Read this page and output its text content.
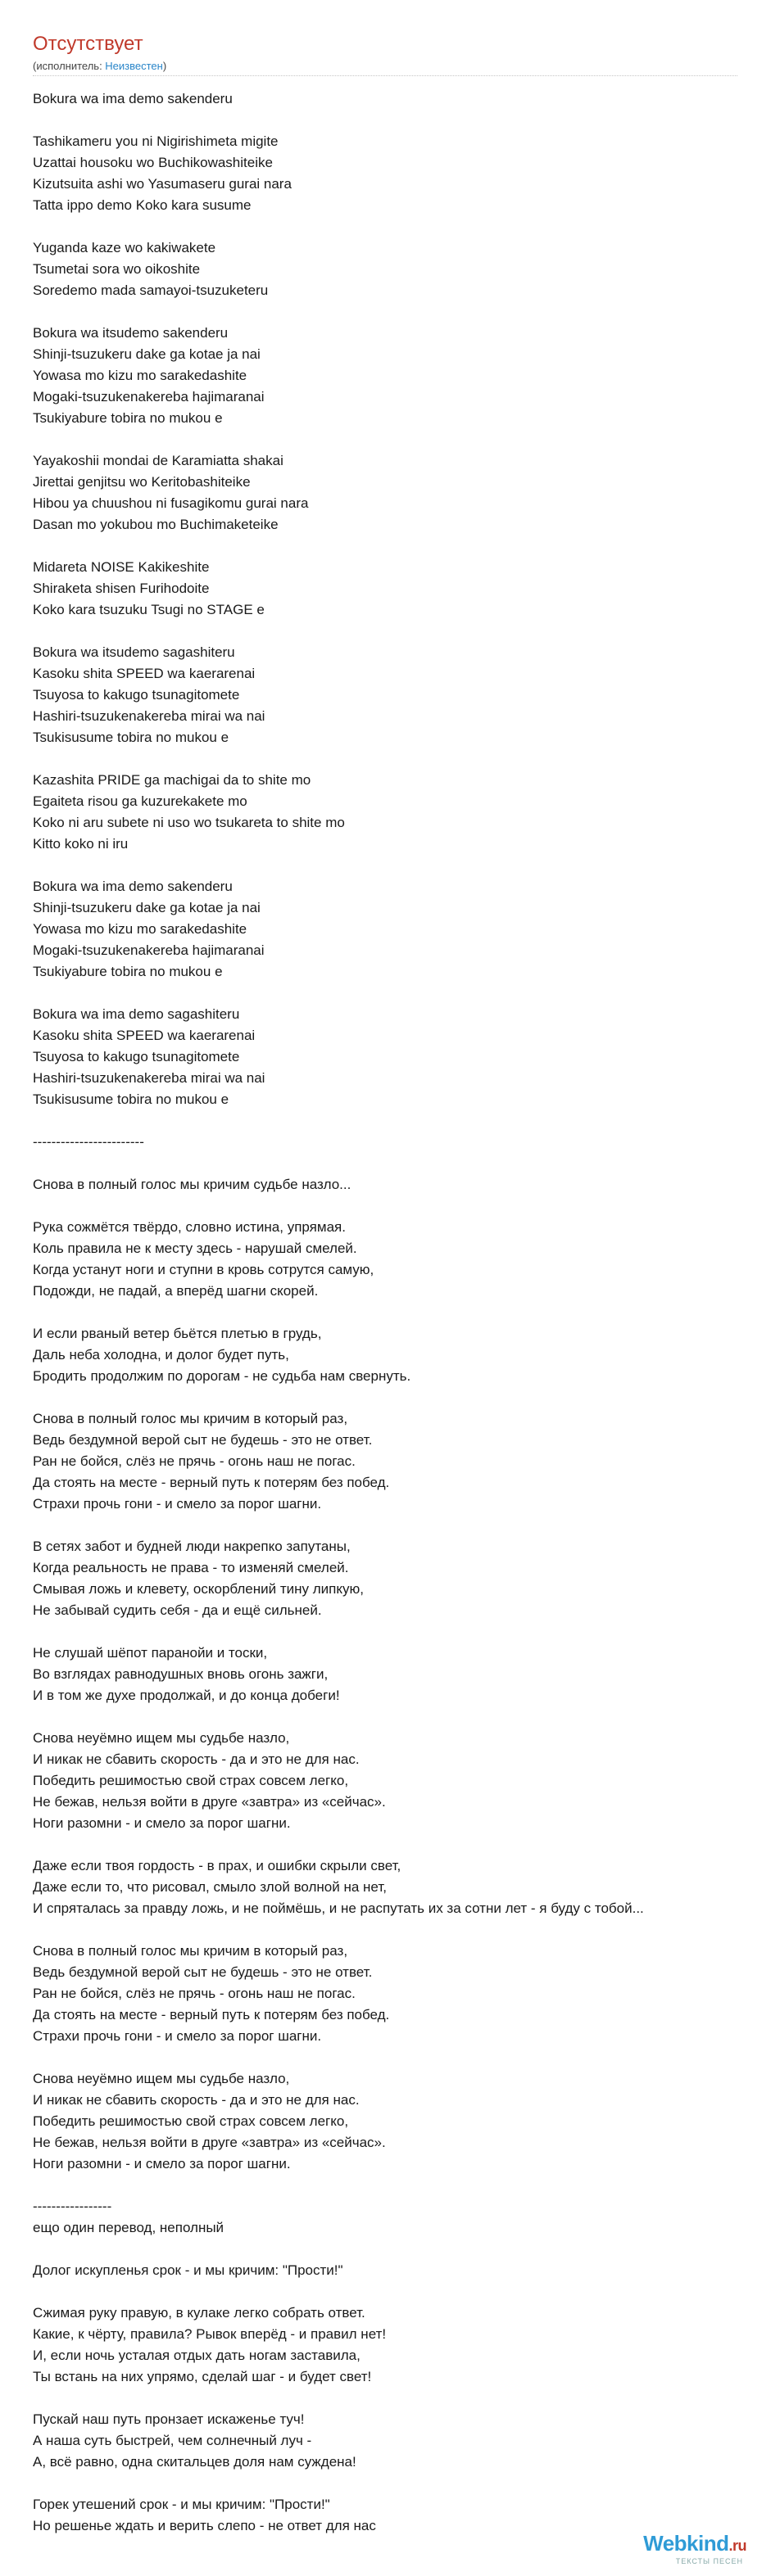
Отсутствует
(исполнитель: Неизвестен)
Bokura wa ima demo sakenderu
Tashikameru you ni Nigirishimeta migite
Uzattai housoku wo Buchikowashiteike
Kizutsuita ashi wo Yasumaseru gurai nara
Tatta ippo demo Koko kara susume
Yuganda kaze wo kakiwakete
Tsumetai sora wo oikoshite
Soredemo mada samayoi-tsuzuketeru
Bokura wa itsudemo sakenderu
Shinji-tsuzukeru dake ga kotae ja nai
Yowasa mo kizu mo sarakedashite
Mogaki-tsuzukenakereba hajimaranai
Tsukiyabure tobira no mukou e
Yayakoshii mondai de Karamiatta shakai
Jirettai genjitsu wo Keritobashiteike
Hibou ya chuushou ni fusagikomu gurai nara
Dasan mo yokubou mo Buchimaketeike
Midareta NOISE Kakikeshite
Shiraketa shisen Furihodoite
Koko kara tsuzuku Tsugi no STAGE e
Bokura wa itsudemo sagashiteru
Kasoku shita SPEED wa kaerarenai
Tsuyosa to kakugo tsunagitomete
Hashiri-tsuzukenakereba mirai wa nai
Tsukisusume tobira no mukou e
Kazashita PRIDE ga machigai da to shite mo
Egaiteta risou ga kuzurekakete mo
Koko ni aru subete ni uso wo tsukareta to shite mo
Kitto koko ni iru
Bokura wa ima demo sakenderu
Shinji-tsuzukeru dake ga kotae ja nai
Yowasa mo kizu mo sarakedashite
Mogaki-tsuzukenakereba hajimaranai
Tsukiyabure tobira no mukou e
Bokura wa ima demo sagashiteru
Kasoku shita SPEED wa kaerarenai
Tsuyosa to kakugo tsunagitomete
Hashiri-tsuzukenakereba mirai wa nai
Tsukisusume tobira no mukou e
------------------------
Снова в полный голос мы кричим судьбе назло...
Рука сожмётся твёрдо, словно истина, упрямая.
Коль правила не к месту здесь - нарушай смелей.
Когда устанут ноги и ступни в кровь сотрутся самую,
Подожди, не падай, а вперёд шагни скорей.
И если рваный ветер бьётся плетью в грудь,
Даль неба холодна, и долог будет путь,
Бродить продолжим по дорогам - не судьба нам свернуть.
Снова в полный голос мы кричим в который раз,
Ведь бездумной верой сыт не будешь - это не ответ.
Ран не бойся, слёз не прячь - огонь наш не погас.
Да стоять на месте - верный путь к потерям без побед.
Страхи прочь гони - и смело за порог шагни.
В сетях забот и будней люди накрепко запутаны,
Когда реальность не права - то изменяй смелей.
Смывая ложь и клевету, оскорблений тину липкую,
Не забывай судить себя - да и ещё сильней.
Не слушай шёпот паранойи и тоски,
Во взглядах равнодушных вновь огонь зажги,
И в том же духе продолжай, и до конца добеги!
Снова неуёмно ищем мы судьбе назло,
И никак не сбавить скорость - да и это не для нас.
Победить решимостью свой страх совсем легко,
Не бежав, нельзя войти в друге «завтра» из «сейчас».
Ноги разомни - и смело за порог шагни.
Даже если твоя гордость - в прах, и ошибки скрыли свет,
Даже если то, что рисовал, смыло злой волной на нет,
И спряталась за правду ложь, и не поймёшь, и не распутать их за сотни лет - я буду с тобой...
Снова в полный голос мы кричим в который раз,
Ведь бездумной верой сыт не будешь - это не ответ.
Ран не бойся, слёз не прячь - огонь наш не погас.
Да стоять на месте - верный путь к потерям без побед.
Страхи прочь гони - и смело за порог шагни.
Снова неуёмно ищем мы судьбе назло,
И никак не сбавить скорость - да и это не для нас.
Победить решимостью свой страх совсем легко,
Не бежав, нельзя войти в друге «завтра» из «сейчас».
Ноги разомни - и смело за порог шагни.
-----------------
ещо один перевод, неполный
Долог искупленья срок - и мы кричим: "Прости!"
Сжимая руку правую, в кулаке легко собрать ответ.
Какие, к чёрту, правила? Рывок вперёд - и правил нет!
И, если ночь усталая отдых дать ногам заставила,
Ты встань на них упрямо, сделай шаг - и будет свет!
Пускай наш путь пронзает искаженье туч!
А наша суть быстрей, чем солнечный луч -
А, всё равно, одна скитальцев доля нам суждена!
Горек утешений срок - и мы кричим: "Прости!"
Но решенье ждать и верить слепо - не ответ для нас
Webkind.ru
ТЕКСТЫ ПЕСЕН
